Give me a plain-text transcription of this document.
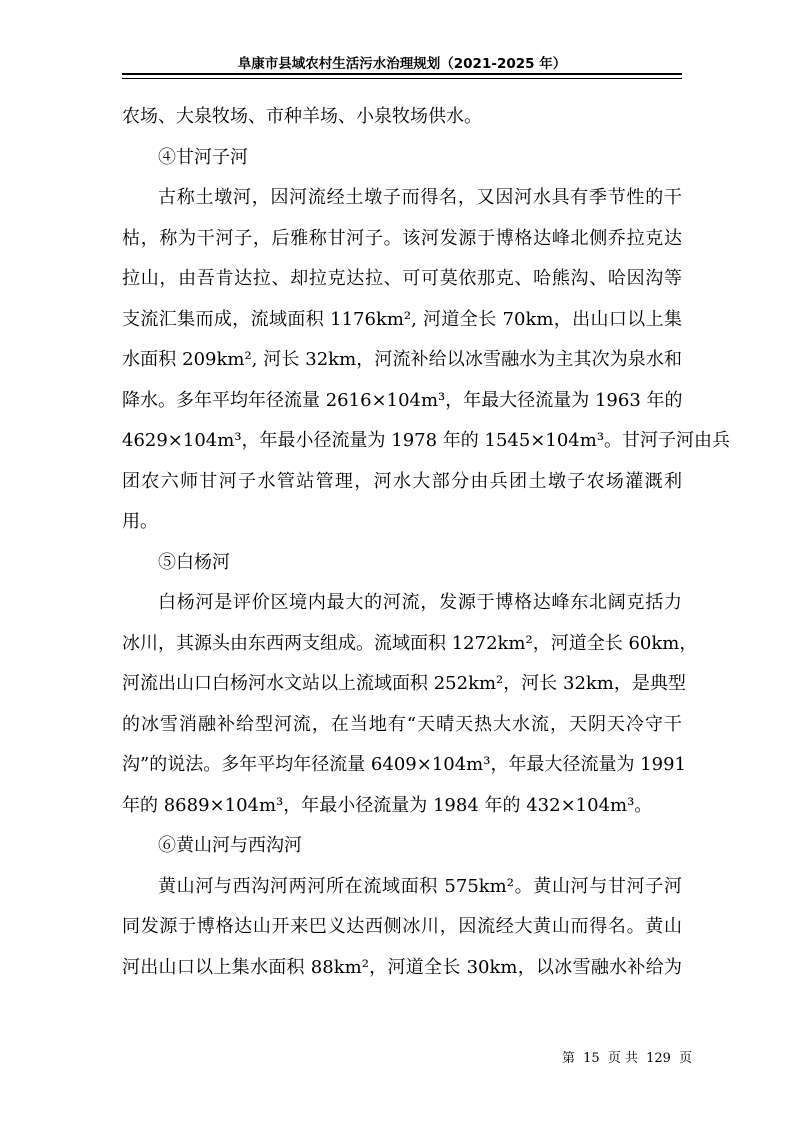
阜康市县域农村生活污水治理规划（2021-2025 年）
农场、大泉牧场、市种羊场、小泉牧场供水。
④甘河子河
古称土墩河，因河流经土墩子而得名，又因河水具有季节性的干
枯，称为干河子，后雅称甘河子。该河发源于博格达峰北侧乔拉克达
拉山，由吾肯达拉、却拉克达拉、可可莫依那克、哈熊沟、哈因沟等
支流汇集而成，流域面积 1176km², 河道全长 70km，出山口以上集
水面积 209km², 河长 32km，河流补给以冰雪融水为主其次为泉水和
降水。多年平均年径流量 2616×104m³，年最大径流量为 1963 年的
4629×104m³，年最小径流量为 1978 年的 1545×104m³。甘河子河由兵
团农六师甘河子水管站管理，河水大部分由兵团土墩子农场灌溉利
用。
⑤白杨河
白杨河是评价区境内最大的河流，发源于博格达峰东北阔克括力
冰川，其源头由东西两支组成。流域面积 1272km²，河道全长 60km，
河流出山口白杨河水文站以上流域面积 252km²，河长 32km，是典型
的冰雪消融补给型河流，在当地有“天晴天热大水流，天阴天冷守干
沟”的说法。多年平均年径流量 6409×104m³，年最大径流量为 1991
年的 8689×104m³，年最小径流量为 1984 年的 432×104m³。
⑥黄山河与西沟河
黄山河与西沟河两河所在流域面积 575km²。黄山河与甘河子河
同发源于博格达山开来巴义达西侧冰川，因流经大黄山而得名。黄山
河出山口以上集水面积 88km²，河道全长 30km，以冰雪融水补给为
第 15 页 共 129 页
